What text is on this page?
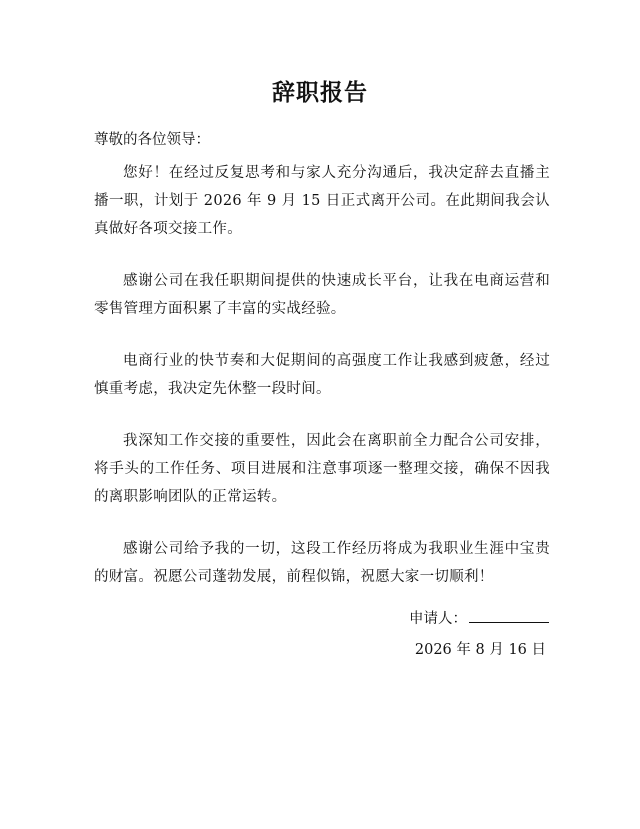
辞职报告

尊敬的各位领导：

您好！在经过反复思考和与家人充分沟通后，我决定辞去直播主播一职，计划于 2026 年 9 月 15 日正式离开公司。在此期间我会认真做好各项交接工作。

感谢公司在我任职期间提供的快速成长平台，让我在电商运营和零售管理方面积累了丰富的实战经验。

电商行业的快节奏和大促期间的高强度工作让我感到疲惫，经过慎重考虑，我决定先休整一段时间。

我深知工作交接的重要性，因此会在离职前全力配合公司安排，将手头的工作任务、项目进展和注意事项逐一整理交接，确保不因我的离职影响团队的正常运转。

感谢公司给予我的一切，这段工作经历将成为我职业生涯中宝贵的财富。祝愿公司蓬勃发展，前程似锦，祝愿大家一切顺利！

申请人：
2026 年 8 月 16 日
